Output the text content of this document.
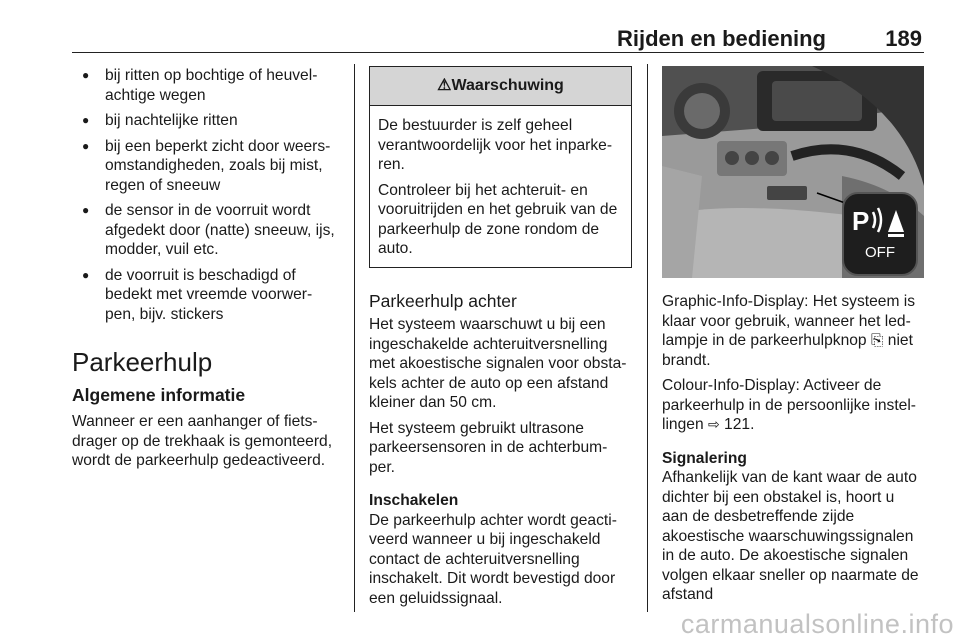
Rijden en bediening	189
● bij ritten op bochtige of heuvel-achtige wegen
● bij nachtelijke ritten
● bij een beperkt zicht door weers-omstandigheden, zoals bij mist, regen of sneeuw
● de sensor in de voorruit wordt afgedekt door (natte) sneeuw, ijs, modder, vuil etc.
● de voorruit is beschadigd of bedekt met vreemde voorwer-pen, bijv. stickers
Parkeerhulp
Algemene informatie

Wanneer er een aanhanger of fiets-drager op de trekhaak is gemonteerd, wordt de parkeerhulp gedeactiveerd.

⚠ Waarschuwing

De bestuurder is zelf geheel verantwoordelijk voor het inparke-ren.

Controleer bij het achteruit- en vooruitrijden en het gebruik van de parkeerhulp de zone rondom de auto.

Parkeerhulp achter

Het systeem waarschuwt u bij een ingeschakelde achteruitversnelling met akoestische signalen voor obsta-kels achter de auto op een afstand kleiner dan 50 cm.

Het systeem gebruikt ultrasone parkeersensoren in de achterbum-per.

Inschakelen

De parkeerhulp achter wordt geacti-veerd wanneer u bij ingeschakeld contact de achteruitversnelling inschakelt. Dit wordt bevestigd door een geluidssignaal.

P
OFF

Graphic-Info-Display: Het systeem is klaar voor gebruik, wanneer het led-lampje in de parkeerhulpknop ⎘ niet brandt.

Colour-Info-Display: Activeer de parkeerhulp in de persoonlijke instel-lingen ⇨ 121.

Signalering

Afhankelijk van de kant waar de auto dichter bij een obstakel is, hoort u aan de desbetreffende zijde akoestische waarschuwingssignalen in de auto. De akoestische signalen volgen elkaar sneller op naarmate de afstand

carmanualsonline.info
